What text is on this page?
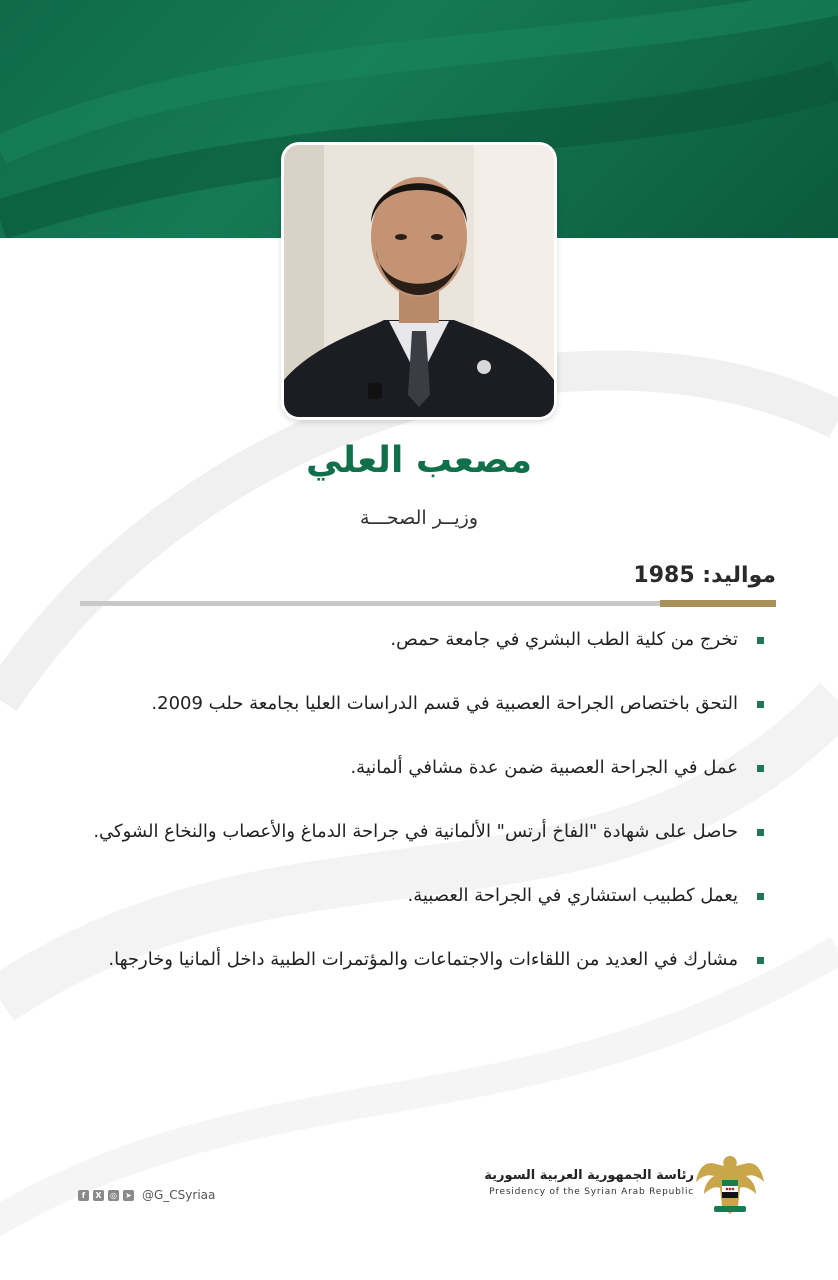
مصعب العلي
وزيــر الصحـــة
مواليد: 1985
تخرج من كلية الطب البشري في جامعة حمص.
التحق باختصاص الجراحة العصبية في قسم الدراسات العليا بجامعة حلب 2009.
عمل في الجراحة العصبية ضمن عدة مشافي ألمانية.
حاصل على شهادة "الفاخ أرتس" الألمانية في جراحة الدماغ والأعصاب والنخاع الشوكي.
يعمل كطبيب استشاري في الجراحة العصبية.
مشارك في العديد من اللقاءات والاجتماعات والمؤتمرات الطبية داخل ألمانيا وخارجها.
f	X	◎ ➤ @G_CSyriaa
رئاسة الجمهورية العربية السورية
Presidency of the Syrian Arab Republic
